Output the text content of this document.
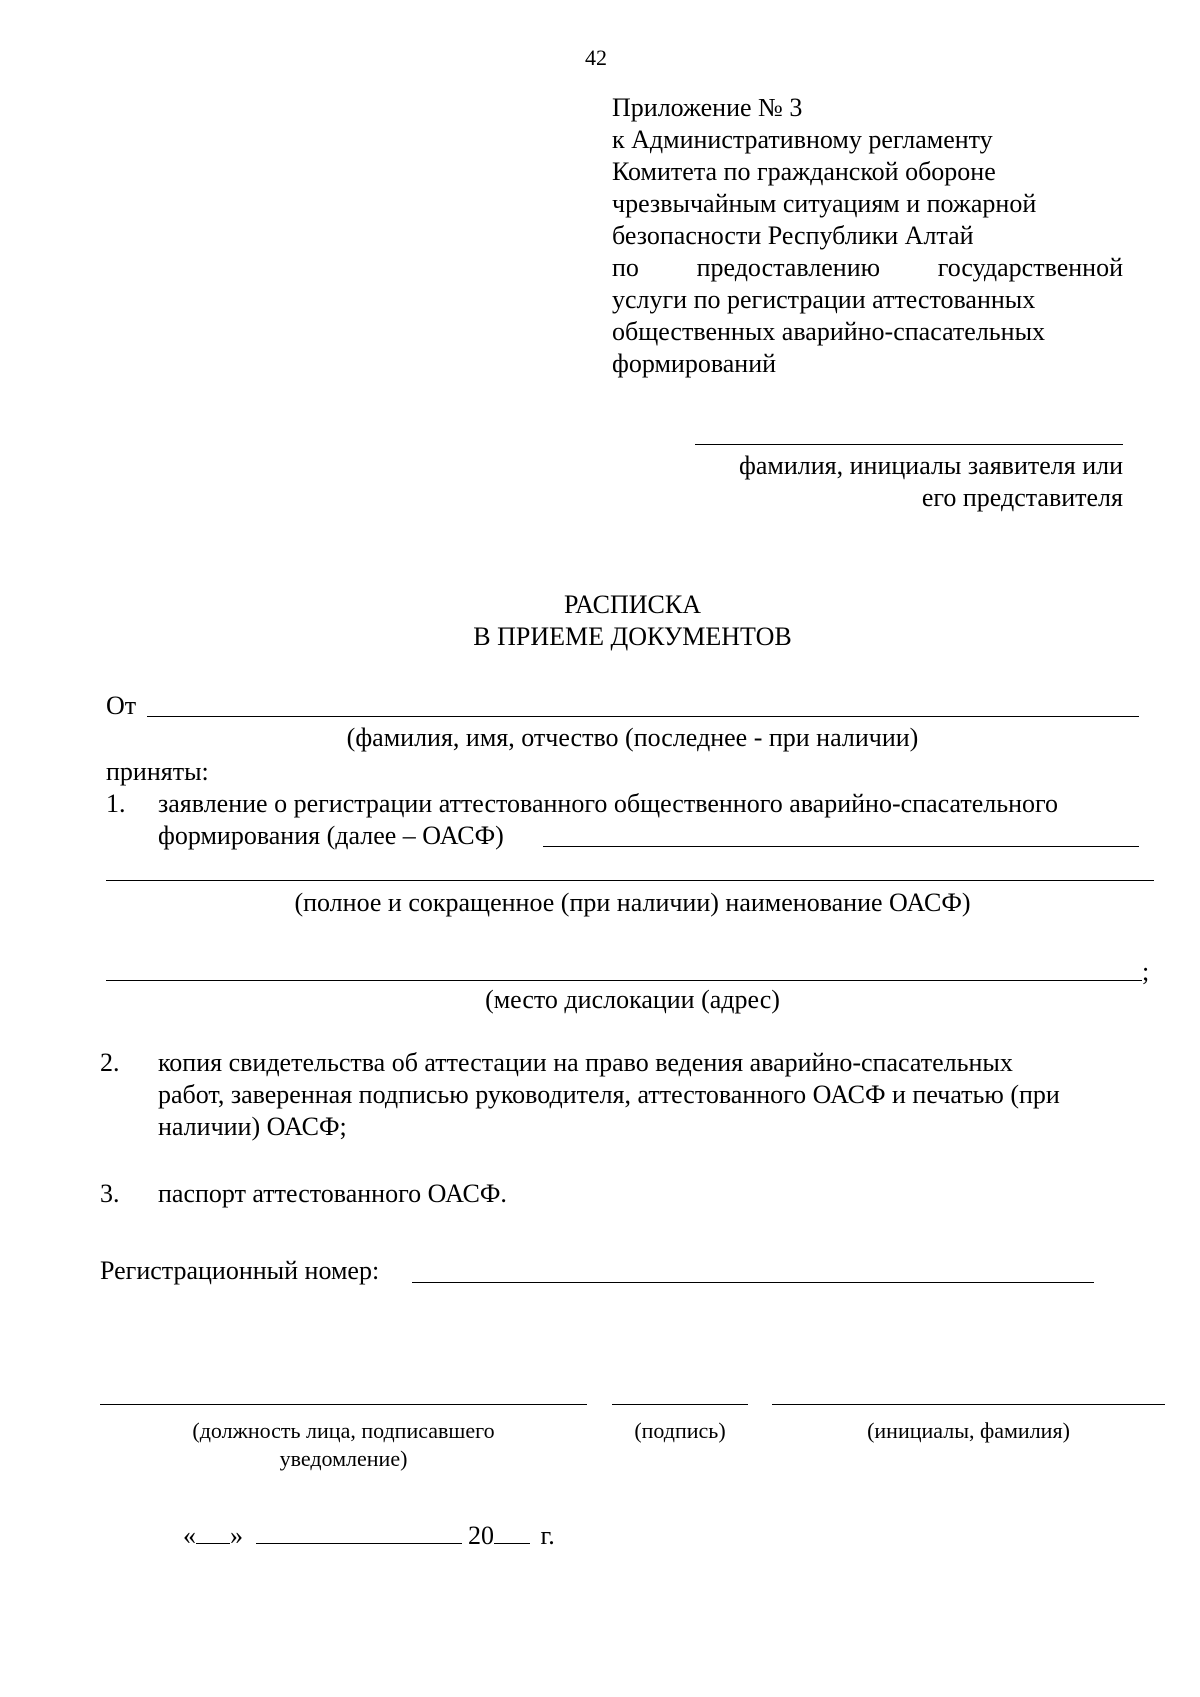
42
Приложение № 3
к Административному регламенту
Комитета по гражданской обороне
чрезвычайным ситуациям и пожарной
безопасности Республики Алтай
по предоставлению государственной
услуги по регистрации аттестованных
общественных аварийно-спасательных
формирований
фамилия, инициалы заявителя или
его представителя
РАСПИСКА
В ПРИЕМЕ ДОКУМЕНТОВ
От
(фамилия, имя, отчество (последнее - при наличии)
приняты:
1. заявление о регистрации аттестованного общественного аварийно-спасательного
формирования (далее – ОАСФ)
(полное и сокращенное (при наличии) наименование ОАСФ)
;
(место дислокации (адрес)
2. копия свидетельства об аттестации на право ведения аварийно-спасательных
работ, заверенная подписью руководителя, аттестованного ОАСФ и печатью (при
наличии) ОАСФ;
3. паспорт аттестованного ОАСФ.
Регистрационный номер:
(должность лица, подписавшего
уведомление)
(подпись)	(инициалы, фамилия)
« »	20 г.
